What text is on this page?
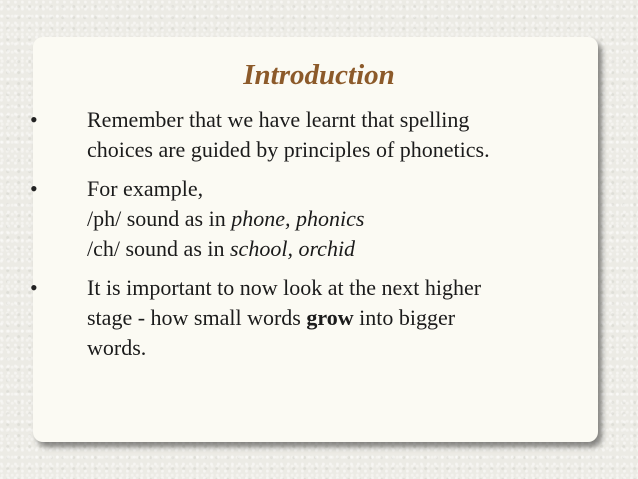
Introduction
• Remember that we have learnt that spelling
choices are guided by principles of phonetics.
• For example,
/ph/ sound as in phone, phonics
/ch/ sound as in school, orchid
• It is important to now look at the next higher
stage - how small words grow into bigger
words.
